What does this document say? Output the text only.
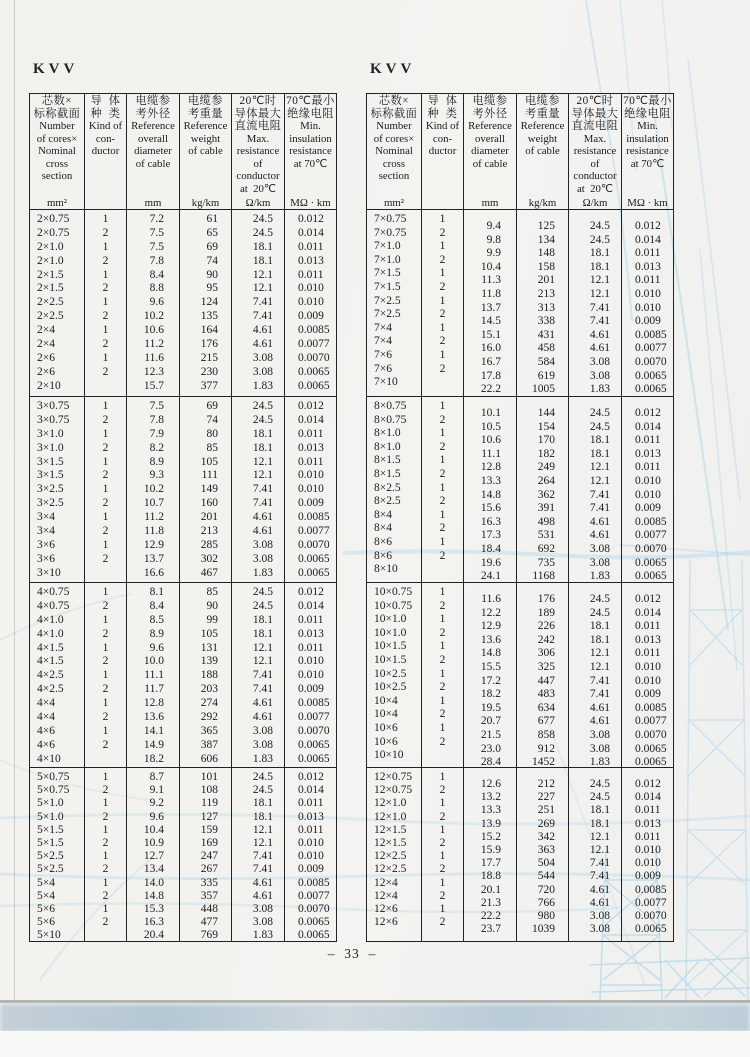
KVV	KVV
芯数×
标称截面
Number
of cores×
Nominal
cross
section
mm²
导  体
种  类
Kind of
con-
ductor
电缆参
考外径
Reference
overall
diameter
of cable
mm
电缆参
考重量
Reference
weight
of cable
kg/km
20℃时
导体最大
直流电阻
Max.
resistance
of
conductor
at  20℃
Ω/km
70℃最小
绝缘电阻
Min.
insulation
resistance
at 70℃
MΩ · km
2×0.75
2×0.75
2×1.0
2×1.0
2×1.5
2×1.5
2×2.5
2×2.5
2×4
2×4
2×6
2×6
2×10
1
2
1
2
1
2
1
2
1
2
1
2
7.2
7.5
7.5
7.8
8.4
8.8
9.6
10.2
10.6
11.2
11.6
12.3
15.7
61
65
69
74
90
95
124
135
164
176
215
230
377
24.5
24.5
18.1
18.1
12.1
12.1
7.41
7.41
4.61
4.61
3.08
3.08
1.83
0.012
0.014
0.011
0.013
0.011
0.010
0.010
0.009
0.0085
0.0077
0.0070
0.0065
0.0065
3×0.75
3×0.75
3×1.0
3×1.0
3×1.5
3×1.5
3×2.5
3×2.5
3×4
3×4
3×6
3×6
3×10
1
2
1
2
1
2
1
2
1
2
1
2
7.5
7.8
7.9
8.2
8.9
9.3
10.2
10.7
11.2
11.8
12.9
13.7
16.6
69
74
80
85
105
111
149
160
201
213
285
302
467
24.5
24.5
18.1
18.1
12.1
12.1
7.41
7.41
4.61
4.61
3.08
3.08
1.83
0.012
0.014
0.011
0.013
0.011
0.010
0.010
0.009
0.0085
0.0077
0.0070
0.0065
0.0065
4×0.75
4×0.75
4×1.0
4×1.0
4×1.5
4×1.5
4×2.5
4×2.5
4×4
4×4
4×6
4×6
4×10
1
2
1
2
1
2
1
2
1
2
1
2
8.1
8.4
8.5
8.9
9.6
10.0
11.1
11.7
12.8
13.6
14.1
14.9
18.2
85
90
99
105
131
139
188
203
274
292
365
387
606
24.5
24.5
18.1
18.1
12.1
12.1
7.41
7.41
4.61
4.61
3.08
3.08
1.83
0.012
0.014
0.011
0.013
0.011
0.010
0.010
0.009
0.0085
0.0077
0.0070
0.0065
0.0065
5×0.75
5×0.75
5×1.0
5×1.0
5×1.5
5×1.5
5×2.5
5×2.5
5×4
5×4
5×6
5×6
5×10
1
2
1
2
1
2
1
2
1
2
1
2
8.7
9.1
9.2
9.6
10.4
10.9
12.7
13.4
14.0
14.8
15.3
16.3
20.4
101
108
119
127
159
169
247
267
335
357
448
477
769
24.5
24.5
18.1
18.1
12.1
12.1
7.41
7.41
4.61
4.61
3.08
3.08
1.83
0.012
0.014
0.011
0.013
0.011
0.010
0.010
0.009
0.0085
0.0077
0.0070
0.0065
0.0065
芯数×
标称截面
Number
of cores×
Nominal
cross
section
mm²
导  体
种  类
Kind of
con-
ductor
电缆参
考外径
Reference
overall
diameter
of cable
mm
电缆参
考重量
Reference
weight
of cable
kg/km
20℃时
导体最大
直流电阻
Max.
resistance
of
conductor
at  20℃
Ω/km
70℃最小
绝缘电阻
Min.
insulation
resistance
at 70℃
MΩ · km
7×0.75
7×0.75
7×1.0
7×1.0
7×1.5
7×1.5
7×2.5
7×2.5
7×4
7×4
7×6
7×6
7×10
1
2
1
2
1
2
1
2
1
2
1
2
9.4
9.8
9.9
10.4
11.3
11.8
13.7
14.5
15.1
16.0
16.7
17.8
22.2
125
134
148
158
201
213
313
338
431
458
584
619
1005
24.5
24.5
18.1
18.1
12.1
12.1
7.41
7.41
4.61
4.61
3.08
3.08
1.83
0.012
0.014
0.011
0.013
0.011
0.010
0.010
0.009
0.0085
0.0077
0.0070
0.0065
0.0065
8×0.75
8×0.75
8×1.0
8×1.0
8×1.5
8×1.5
8×2.5
8×2.5
8×4
8×4
8×6
8×6
8×10
1
2
1
2
1
2
1
2
1
2
1
2
10.1
10.5
10.6
11.1
12.8
13.3
14.8
15.6
16.3
17.3
18.4
19.6
24.1
144
154
170
182
249
264
362
391
498
531
692
735
1168
24.5
24.5
18.1
18.1
12.1
12.1
7.41
7.41
4.61
4.61
3.08
3.08
1.83
0.012
0.014
0.011
0.013
0.011
0.010
0.010
0.009
0.0085
0.0077
0.0070
0.0065
0.0065
10×0.75
10×0.75
10×1.0
10×1.0
10×1.5
10×1.5
10×2.5
10×2.5
10×4
10×4
10×6
10×6
10×10
1
2
1
2
1
2
1
2
1
2
1
2
11.6
12.2
12.9
13.6
14.8
15.5
17.2
18.2
19.5
20.7
21.5
23.0
28.4
176
189
226
242
306
325
447
483
634
677
858
912
1452
24.5
24.5
18.1
18.1
12.1
12.1
7.41
7.41
4.61
4.61
3.08
3.08
1.83
0.012
0.014
0.011
0.013
0.011
0.010
0.010
0.009
0.0085
0.0077
0.0070
0.0065
0.0065
12×0.75
12×0.75
12×1.0
12×1.0
12×1.5
12×1.5
12×2.5
12×2.5
12×4
12×4
12×6
12×6
1
2
1
2
1
2
1
2
1
2
1
2
12.6
13.2
13.3
13.9
15.2
15.9
17.7
18.8
20.1
21.3
22.2
23.7
212
227
251
269
342
363
504
544
720
766
980
1039
24.5
24.5
18.1
18.1
12.1
12.1
7.41
7.41
4.61
4.61
3.08
3.08
0.012
0.014
0.011
0.013
0.011
0.010
0.010
0.009
0.0085
0.0077
0.0070
0.0065
–  33  –
